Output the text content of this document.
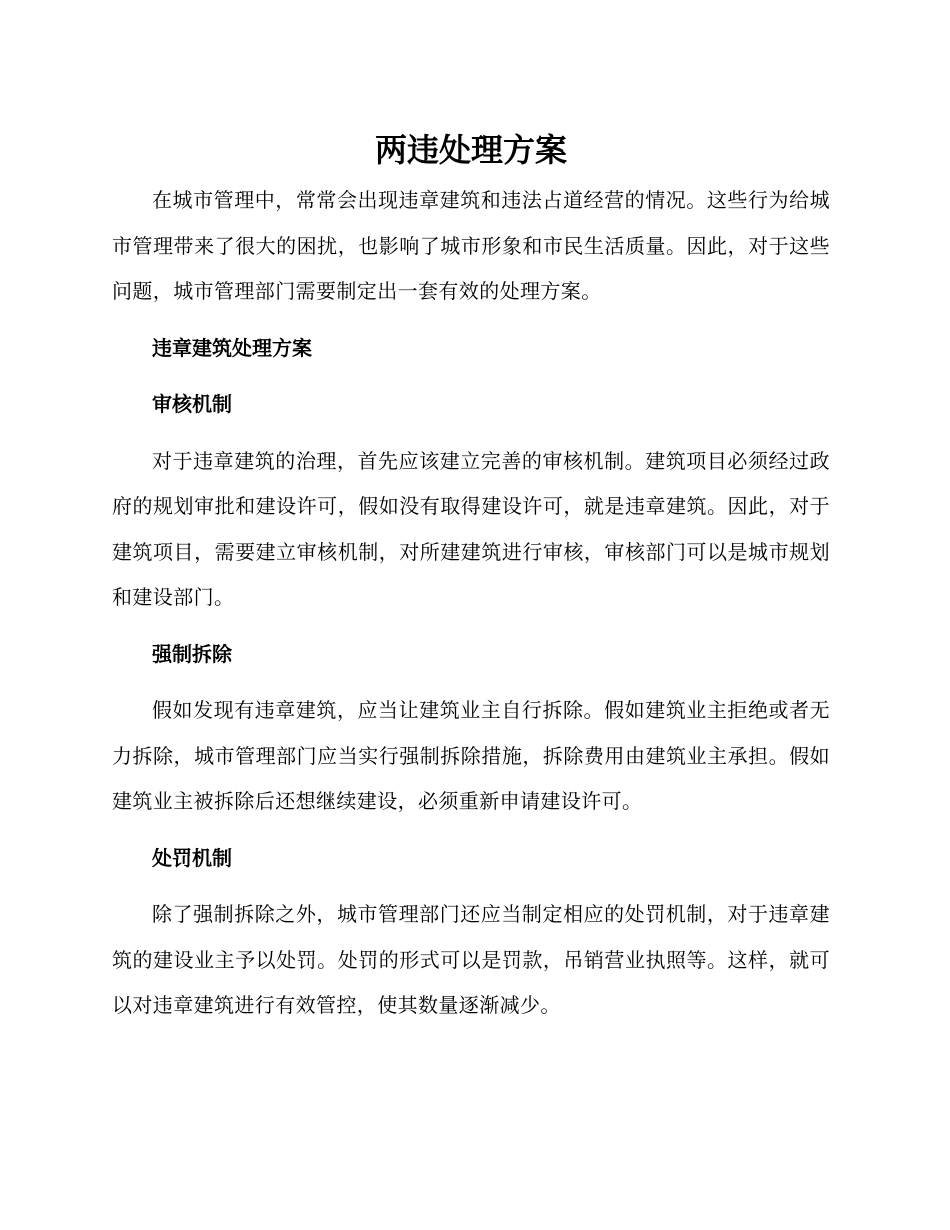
两违处理方案

在城市管理中，常常会出现违章建筑和违法占道经营的情况。这些行为给城市管理带来了很大的困扰，也影响了城市形象和市民生活质量。因此，对于这些问题，城市管理部门需要制定出一套有效的处理方案。

违章建筑处理方案
审核机制

对于违章建筑的治理，首先应该建立完善的审核机制。建筑项目必须经过政府的规划审批和建设许可，假如没有取得建设许可，就是违章建筑。因此，对于建筑项目，需要建立审核机制，对所建建筑进行审核，审核部门可以是城市规划和建设部门。

强制拆除

假如发现有违章建筑，应当让建筑业主自行拆除。假如建筑业主拒绝或者无力拆除，城市管理部门应当实行强制拆除措施，拆除费用由建筑业主承担。假如建筑业主被拆除后还想继续建设，必须重新申请建设许可。

处罚机制

除了强制拆除之外，城市管理部门还应当制定相应的处罚机制，对于违章建筑的建设业主予以处罚。处罚的形式可以是罚款，吊销营业执照等。这样，就可以对违章建筑进行有效管控，使其数量逐渐减少。
